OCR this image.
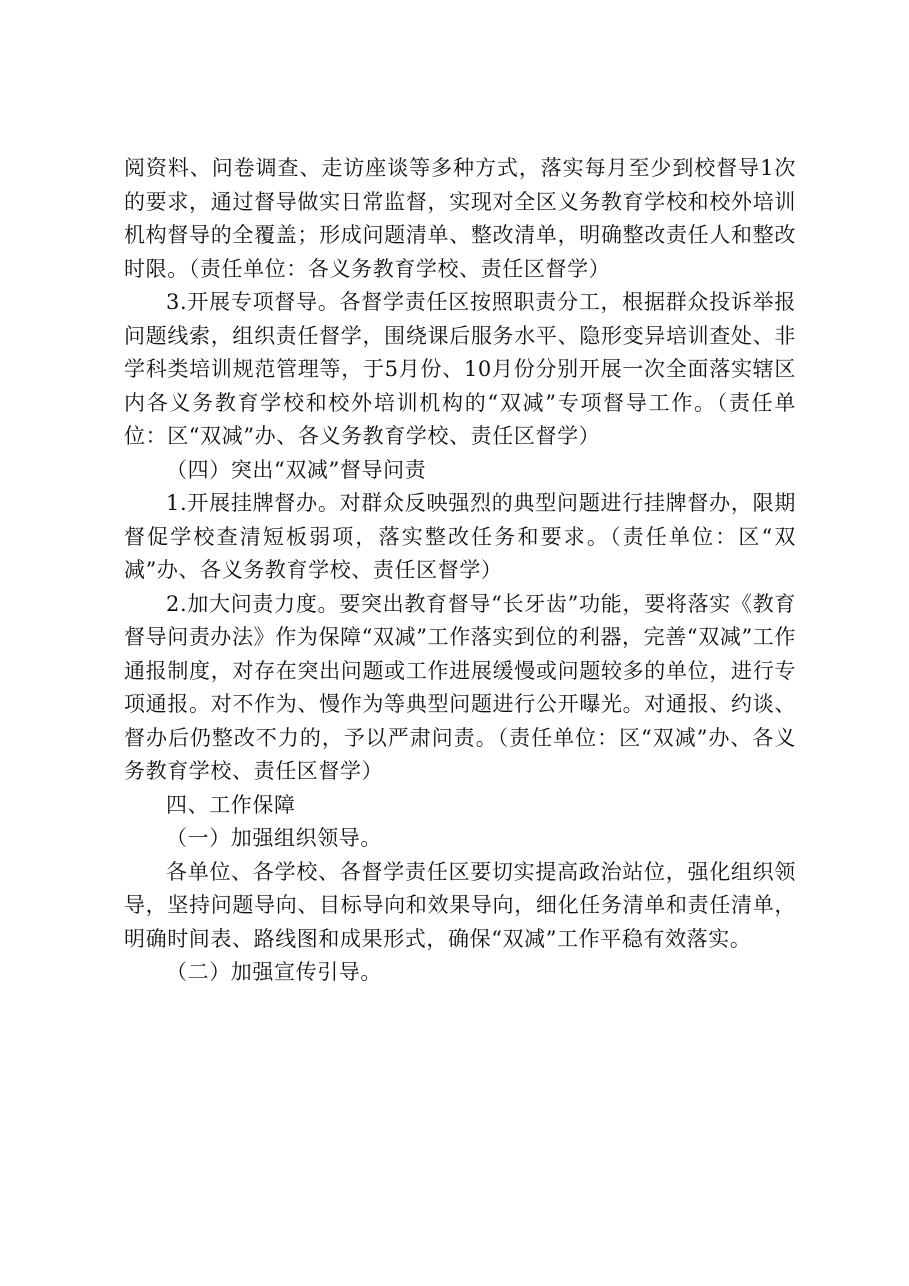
阅资料、问卷调查、走访座谈等多种方式，落实每月至少到校督导1次的要求，通过督导做实日常监督，实现对全区义务教育学校和校外培训机构督导的全覆盖；形成问题清单、整改清单，明确整改责任人和整改时限。（责任单位：各义务教育学校、责任区督学）

3.开展专项督导。各督学责任区按照职责分工，根据群众投诉举报问题线索，组织责任督学，围绕课后服务水平、隐形变异培训查处、非学科类培训规范管理等，于5月份、10月份分别开展一次全面落实辖区内各义务教育学校和校外培训机构的“双减”专项督导工作。（责任单位：区“双减”办、各义务教育学校、责任区督学）

（四）突出“双减”督导问责

1.开展挂牌督办。对群众反映强烈的典型问题进行挂牌督办，限期督促学校查清短板弱项，落实整改任务和要求。（责任单位：区“双减”办、各义务教育学校、责任区督学）

2.加大问责力度。要突出教育督导“长牙齿”功能，要将落实《教育督导问责办法》作为保障“双减”工作落实到位的利器，完善“双减”工作通报制度，对存在突出问题或工作进展缓慢或问题较多的单位，进行专项通报。对不作为、慢作为等典型问题进行公开曝光。对通报、约谈、督办后仍整改不力的，予以严肃问责。（责任单位：区“双减”办、各义务教育学校、责任区督学）

四、工作保障

（一）加强组织领导。

各单位、各学校、各督学责任区要切实提高政治站位，强化组织领导，坚持问题导向、目标导向和效果导向，细化任务清单和责任清单，明确时间表、路线图和成果形式，确保“双减”工作平稳有效落实。

（二）加强宣传引导。
